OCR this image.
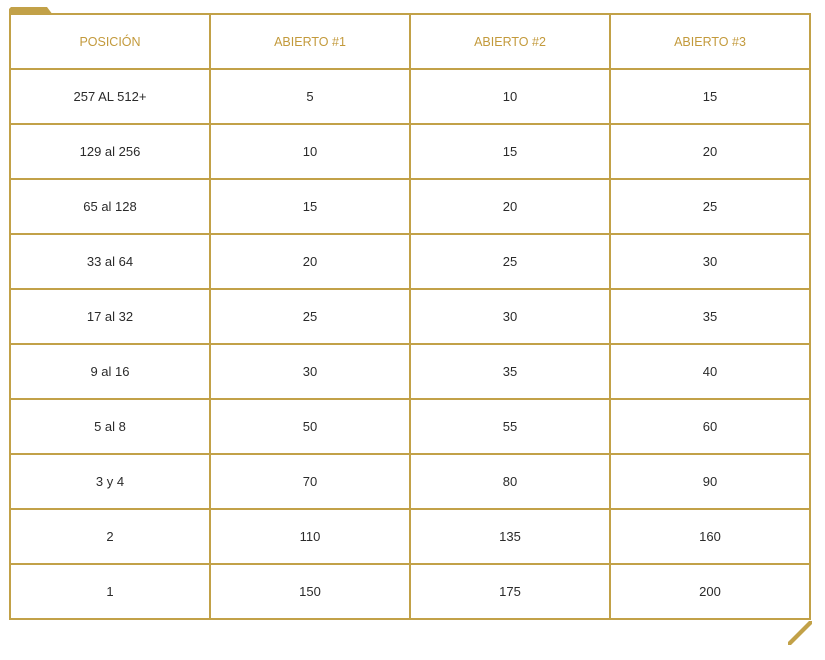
POSICIÓN	ABIERTO #1	ABIERTO #2	ABIERTO #3
257 AL 512+	5	10	15
129 al 256	10	15	20
65 al 128	15	20	25
33 al 64	20	25	30
17 al 32	25	30	35
9 al 16	30	35	40
5 al 8	50	55	60
3 y 4	70	80	90
2	110	135	160
1	150	175	200
